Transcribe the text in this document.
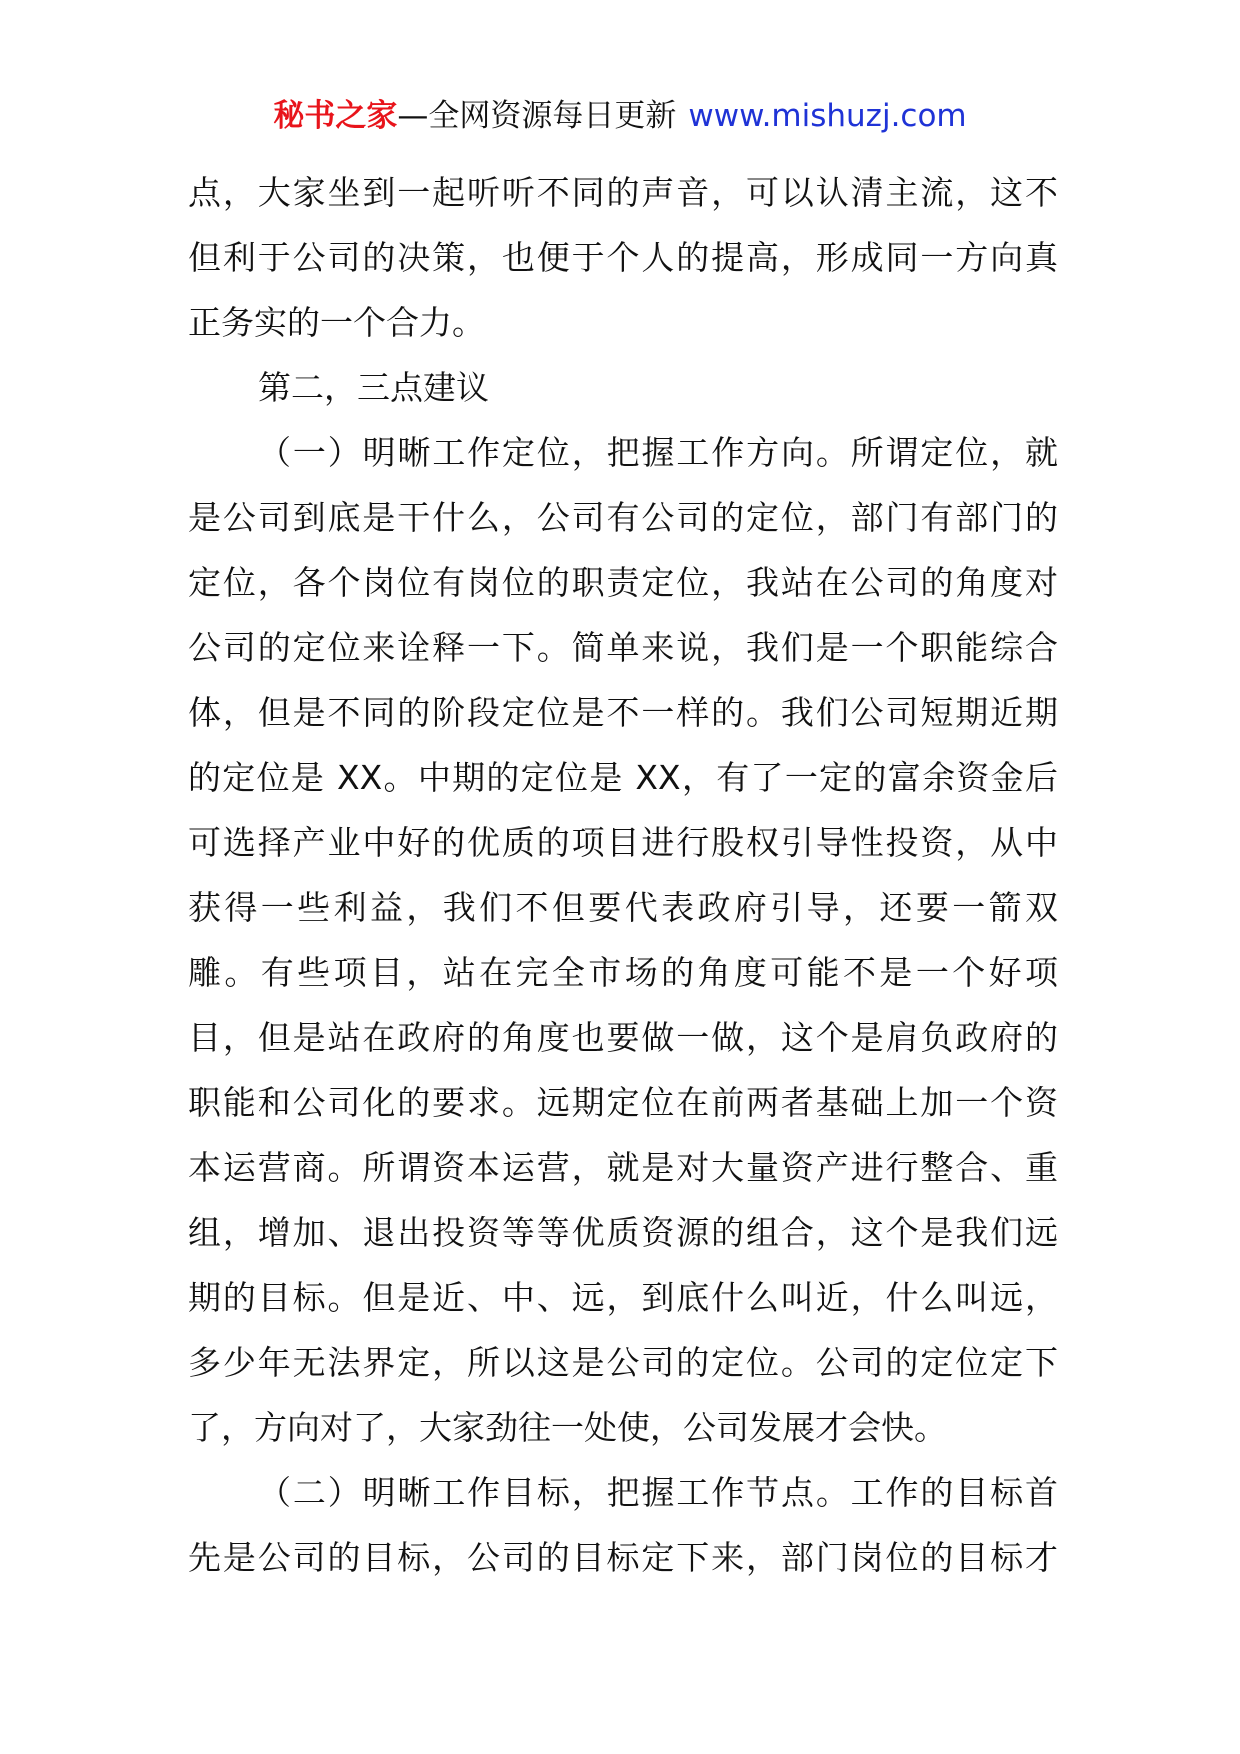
秘书之家—全网资源每日更新 www.mishuzj.com
点，大家坐到一起听听不同的声音，可以认清主流，这不
但利于公司的决策，也便于个人的提高，形成同一方向真
正务实的一个合力。
第二，三点建议
（一）明晰工作定位，把握工作方向。所谓定位，就
是公司到底是干什么，公司有公司的定位，部门有部门的
定位，各个岗位有岗位的职责定位，我站在公司的角度对
公司的定位来诠释一下。简单来说，我们是一个职能综合
体，但是不同的阶段定位是不一样的。我们公司短期近期
的定位是 XX。中期的定位是 XX，有了一定的富余资金后
可选择产业中好的优质的项目进行股权引导性投资，从中
获得一些利益，我们不但要代表政府引导，还要一箭双
雕。有些项目，站在完全市场的角度可能不是一个好项
目，但是站在政府的角度也要做一做，这个是肩负政府的
职能和公司化的要求。远期定位在前两者基础上加一个资
本运营商。所谓资本运营，就是对大量资产进行整合、重
组，增加、退出投资等等优质资源的组合，这个是我们远
期的目标。但是近、中、远，到底什么叫近，什么叫远，
多少年无法界定，所以这是公司的定位。公司的定位定下
了，方向对了，大家劲往一处使，公司发展才会快。
（二）明晰工作目标，把握工作节点。工作的目标首
先是公司的目标，公司的目标定下来，部门岗位的目标才
